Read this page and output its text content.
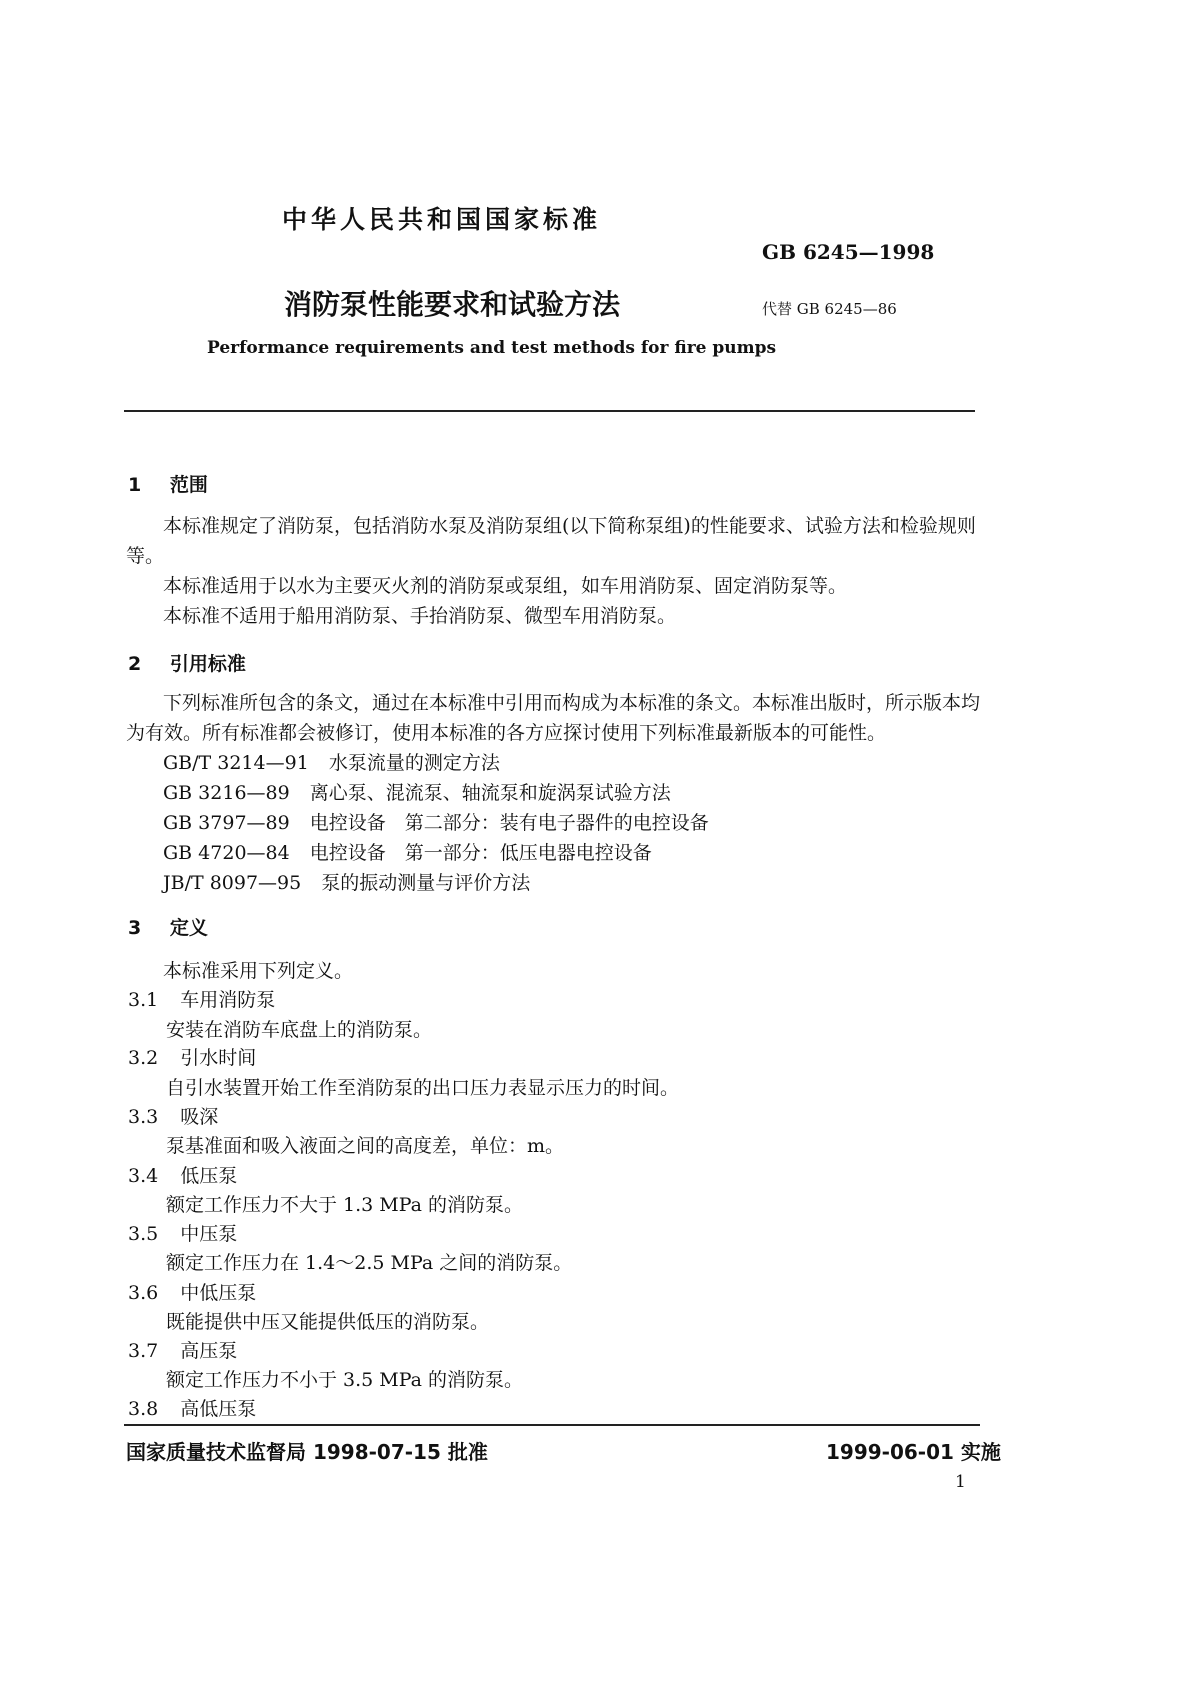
中华人民共和国国家标准
GB 6245—1998
消防泵性能要求和试验方法	代替 GB 6245—86
Performance requirements and test methods for fire pumps
1 范围
本标准规定了消防泵，包括消防水泵及消防泵组(以下简称泵组)的性能要求、试验方法和检验规则
等。
本标准适用于以水为主要灭火剂的消防泵或泵组，如车用消防泵、固定消防泵等。
本标准不适用于船用消防泵、手抬消防泵、微型车用消防泵。
2 引用标准
下列标准所包含的条文，通过在本标准中引用而构成为本标准的条文。本标准出版时，所示版本均
为有效。所有标准都会被修订，使用本标准的各方应探讨使用下列标准最新版本的可能性。
GB/T 3214—91 水泵流量的测定方法
GB 3216—89 离心泵、混流泵、轴流泵和旋涡泵试验方法
GB 3797—89 电控设备　第二部分：装有电子器件的电控设备
GB 4720—84 电控设备　第一部分：低压电器电控设备
JB/T 8097—95 泵的振动测量与评价方法
3 定义
本标准采用下列定义。
3.1 车用消防泵
安装在消防车底盘上的消防泵。
3.2 引水时间
自引水装置开始工作至消防泵的出口压力表显示压力的时间。
3.3 吸深
泵基准面和吸入液面之间的高度差，单位：m。
3.4 低压泵
额定工作压力不大于 1.3 MPa 的消防泵。
3.5 中压泵
额定工作压力在 1.4～2.5 MPa 之间的消防泵。
3.6 中低压泵
既能提供中压又能提供低压的消防泵。
3.7 高压泵
额定工作压力不小于 3.5 MPa 的消防泵。
3.8 高低压泵
国家质量技术监督局 1998-07-15 批准	1999-06-01 实施
1
